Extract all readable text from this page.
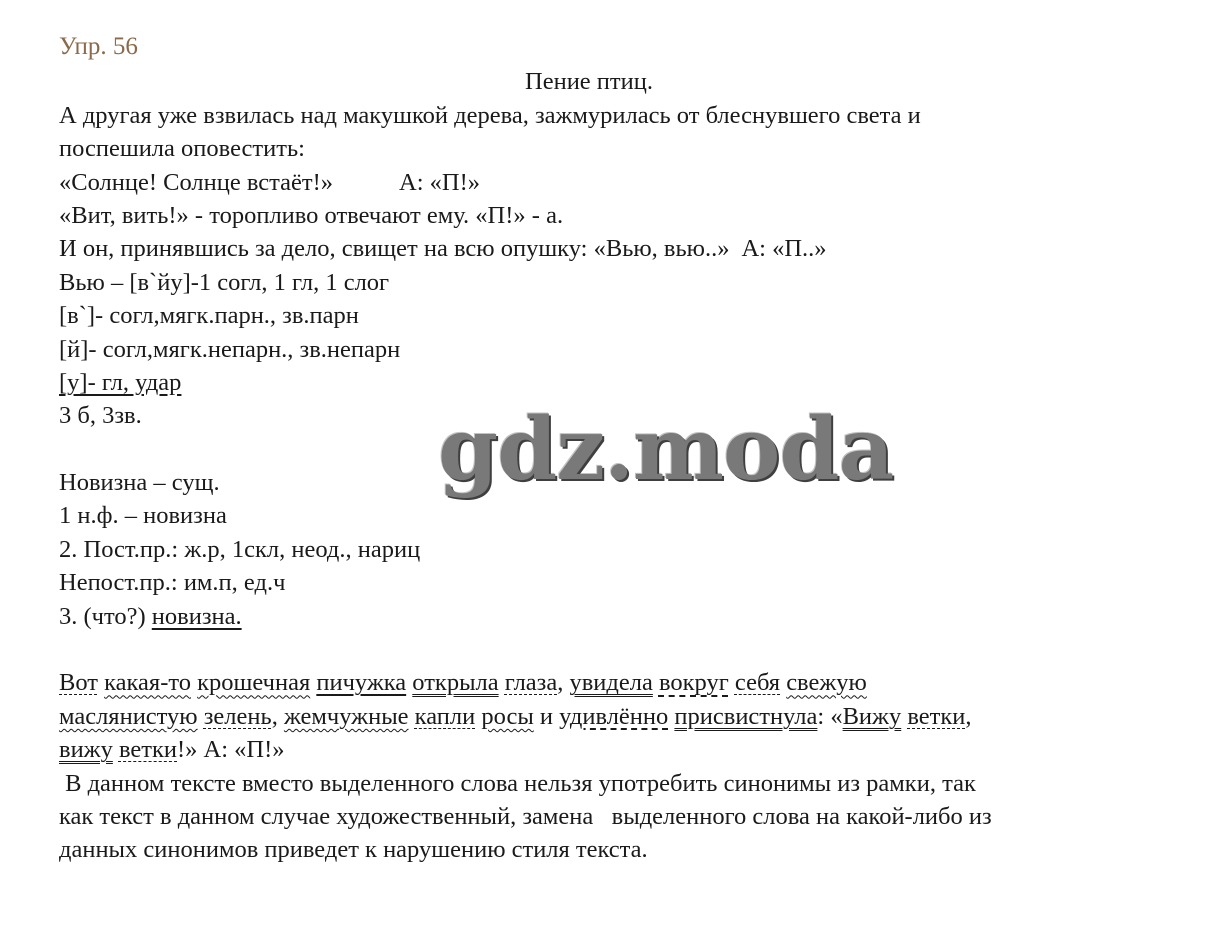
Упр. 56
Пение птиц.
А другая уже взвилась над макушкой дерева, зажмурилась от блеснувшего света и
поспешила оповестить:
«Солнце! Солнце встаёт!»	А: «П!»
«Вит, вить!» - торопливо отвечают ему. «П!» - а.
И он, принявшись за дело, свищет на всю опушку: «Вью, вью..» А: «П..»
Вью – [в`йу]-1 согл, 1 гл, 1 слог
[в`]- согл,мягк.парн., зв.парн
[й]- согл,мягк.непарн., зв.непарн
[у]- гл, удар
3 б, 3зв.
Новизна – сущ.
1 н.ф. – новизна
2. Пост.пр.: ж.р, 1скл, неод., нариц
Непост.пр.: им.п, ед.ч
3. (что?) новизна.
Вот какая-то крошечная пичужка открыла глаза, увидела вокруг себя свежую
маслянистую зелень, жемчужные капли росы и удивлённо присвистнула: «Вижу ветки,
вижу ветки!» А: «П!»
В данном тексте вместо выделенного слова нельзя употребить синонимы из рамки, так
как текст в данном случае художественный, замена   выделенного слова на какой-либо из
данных синонимов приведет к нарушению стиля текста.
gdz.moda
